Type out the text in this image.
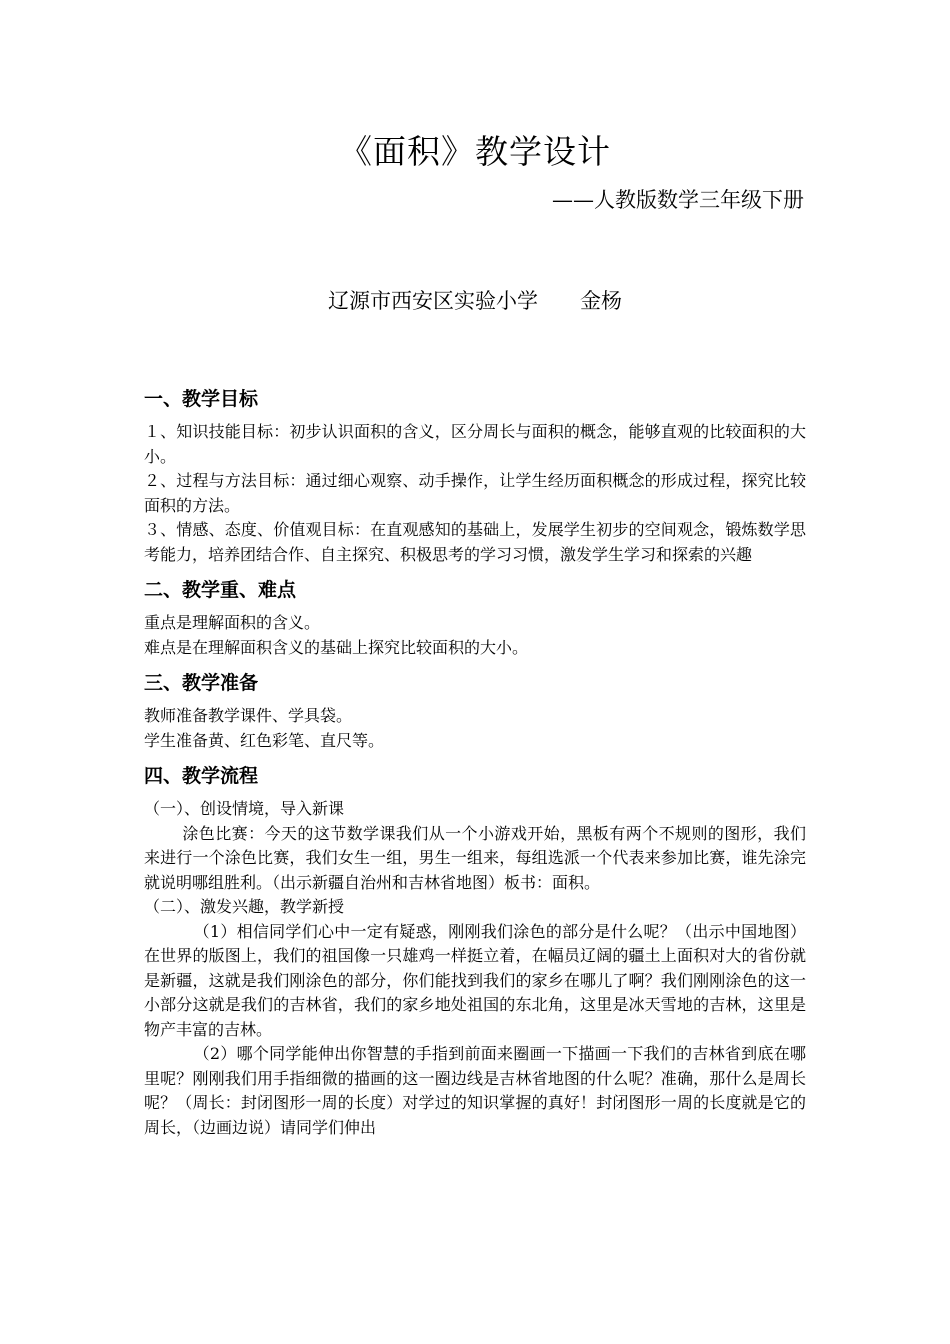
《面积》教学设计
——人教版数学三年级下册
辽源市西安区实验小学　　金杨
一、教学目标

１、知识技能目标：初步认识面积的含义，区分周长与面积的概念，能够直观的比较面积的大小。

２、过程与方法目标：通过细心观察、动手操作，让学生经历面积概念的形成过程，探究比较面积的方法。

３、情感、态度、价值观目标：在直观感知的基础上，发展学生初步的空间观念，锻炼数学思考能力，培养团结合作、自主探究、积极思考的学习习惯，激发学生学习和探索的兴趣

二、教学重、难点

重点是理解面积的含义。

难点是在理解面积含义的基础上探究比较面积的大小。

三、教学准备

教师准备教学课件、学具袋。

学生准备黄、红色彩笔、直尺等。

四、教学流程

（一）、创设情境，导入新课

涂色比赛：今天的这节数学课我们从一个小游戏开始，黑板有两个不规则的图形，我们来进行一个涂色比赛，我们女生一组，男生一组来，每组选派一个代表来参加比赛，谁先涂完就说明哪组胜利。（出示新疆自治州和吉林省地图）板书：面积。

（二）、激发兴趣，教学新授

（1）相信同学们心中一定有疑惑，刚刚我们涂色的部分是什么呢？（出示中国地图）在世界的版图上，我们的祖国像一只雄鸡一样挺立着，在幅员辽阔的疆土上面积对大的省份就是新疆，这就是我们刚涂色的部分，你们能找到我们的家乡在哪儿了啊？我们刚刚涂色的这一小部分这就是我们的吉林省，我们的家乡地处祖国的东北角，这里是冰天雪地的吉林，这里是物产丰富的吉林。

（2）哪个同学能伸出你智慧的手指到前面来圈画一下描画一下我们的吉林省到底在哪里呢？刚刚我们用手指细微的描画的这一圈边线是吉林省地图的什么呢？准确，那什么是周长呢？（周长：封闭图形一周的长度）对学过的知识掌握的真好！封闭图形一周的长度就是它的周长，（边画边说）请同学们伸出
